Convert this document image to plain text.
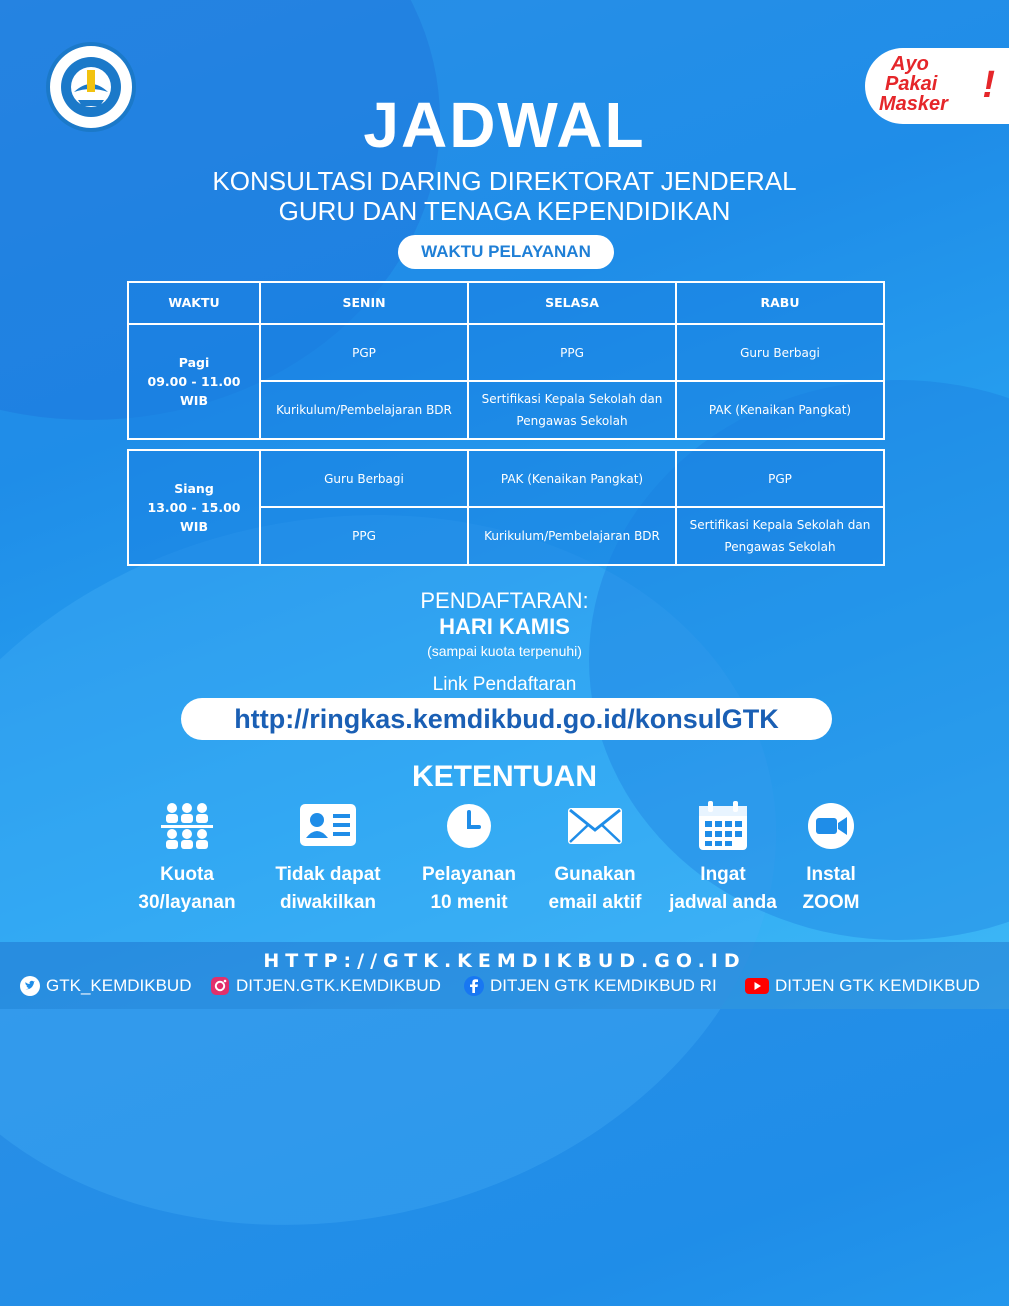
Ayo
Pakai
Masker !
JADWAL
KONSULTASI DARING DIREKTORAT JENDERAL
GURU DAN TENAGA KEPENDIDIKAN
WAKTU PELAYANAN
WAKTU	SENIN	SELASA	RABU

Pagi
09.00 - 11.00
WIB	PGP	PPG	Guru Berbagi
	Kurikulum/Pembelajaran BDR	Sertifikasi Kepala Sekolah dan Pengawas Sekolah	PAK (Kenaikan Pangkat)
Siang
13.00 - 15.00
WIB	Guru Berbagi	PAK (Kenaikan Pangkat)	PGP
	PPG	Kurikulum/Pembelajaran BDR	Sertifikasi Kepala Sekolah dan Pengawas Sekolah
PENDAFTARAN:
HARI KAMIS
(sampai kuota terpenuhi)
Link Pendaftaran
http://ringkas.kemdikbud.go.id/konsulGTK
KETENTUAN
Kuota
30/layanan
Tidak dapat
diwakilkan
Pelayanan
10 menit
Gunakan
email aktif
Ingat
jadwal anda
Instal
ZOOM
HTTP://GTK.KEMDIKBUD.GO.ID
GTK_KEMDIKBUD	DITJEN.GTK.KEMDIKBUD	DITJEN GTK KEMDIKBUD RI	DITJEN GTK KEMDIKBUD
